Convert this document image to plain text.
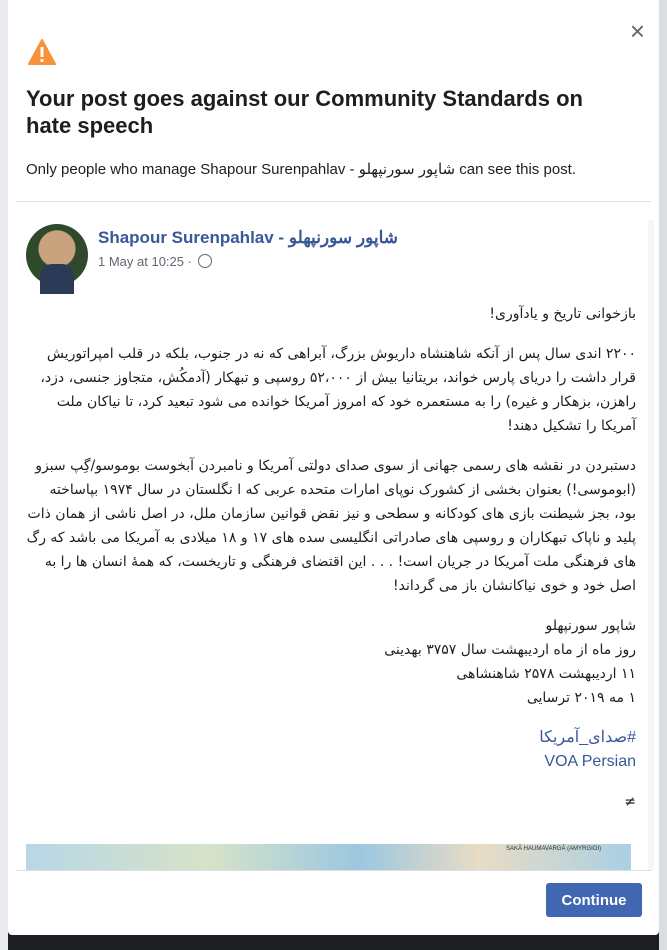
×
Your post goes against our Community Standards on hate speech
Only people who manage Shapour Surenpahlav - شاپور سورنپهلو can see this post.
Shapour Surenpahlav - شاپور سورنپهلو
1 May at 10:25 ·

بازخوانی تاریخ و یادآوری!

۲۲۰۰ اندی سال پس از آنکه شاهنشاه داریوش بزرگ، آبراهی که نه در جنوب، بلکه در قلب امپراتوریش قرار داشت را دریای پارس خواند، بریتانیا بیش از ۵۲،۰۰۰ روسپی و تبهکار (آدمکُش، متجاوز جنسی، دزد، راهزن، بزهکار و غیره) را به مستعمره خود که امروز آمریکا خوانده می شود تبعید کرد، تا نیاکان ملت آمریکا را تشکیل دهند!

دستبردن در نقشه های رسمی جهانی از سوی صدای دولتی آمریکا و نامبردن آبخوست بوموسو/گِپ سبزو (ابوموسی!) بعنوان بخشی از کشورک نوپای امارات متحده عربی که ا نگلستان در سال ۱۹۷۴ بپاساخته بود، بجز شیطنت بازی های کودکانه و سطحی و نیز نقض قوانین سازمان ملل، در اصل ناشی از همان ذات پلید و ناپاک تبهکاران و روسپی های صادراتی انگلیسی سده های ۱۷ و ۱۸ میلادی به آمریکا می باشد که رگ های فرهنگی ملت آمریکا در جریان است! . . . این اقتضای فرهنگی و تاریخست، که همهٔ انسان ها را به اصل خود و خوی نیاکانشان باز می گرداند!

شاپور سورنپهلو
روز ماه از ماه اردیبهشت سال ۳۷۵۷ بهدینی
۱۱ اردیبهشت ۲۵۷۸ شاهنشاهی
۱ مه ۲۰۱۹ ترسایی
#صدای_آمریکا
VOA Persian
≠
SAKĀ HAUMAVARGĀ (AMYRGIOI)
Continue
